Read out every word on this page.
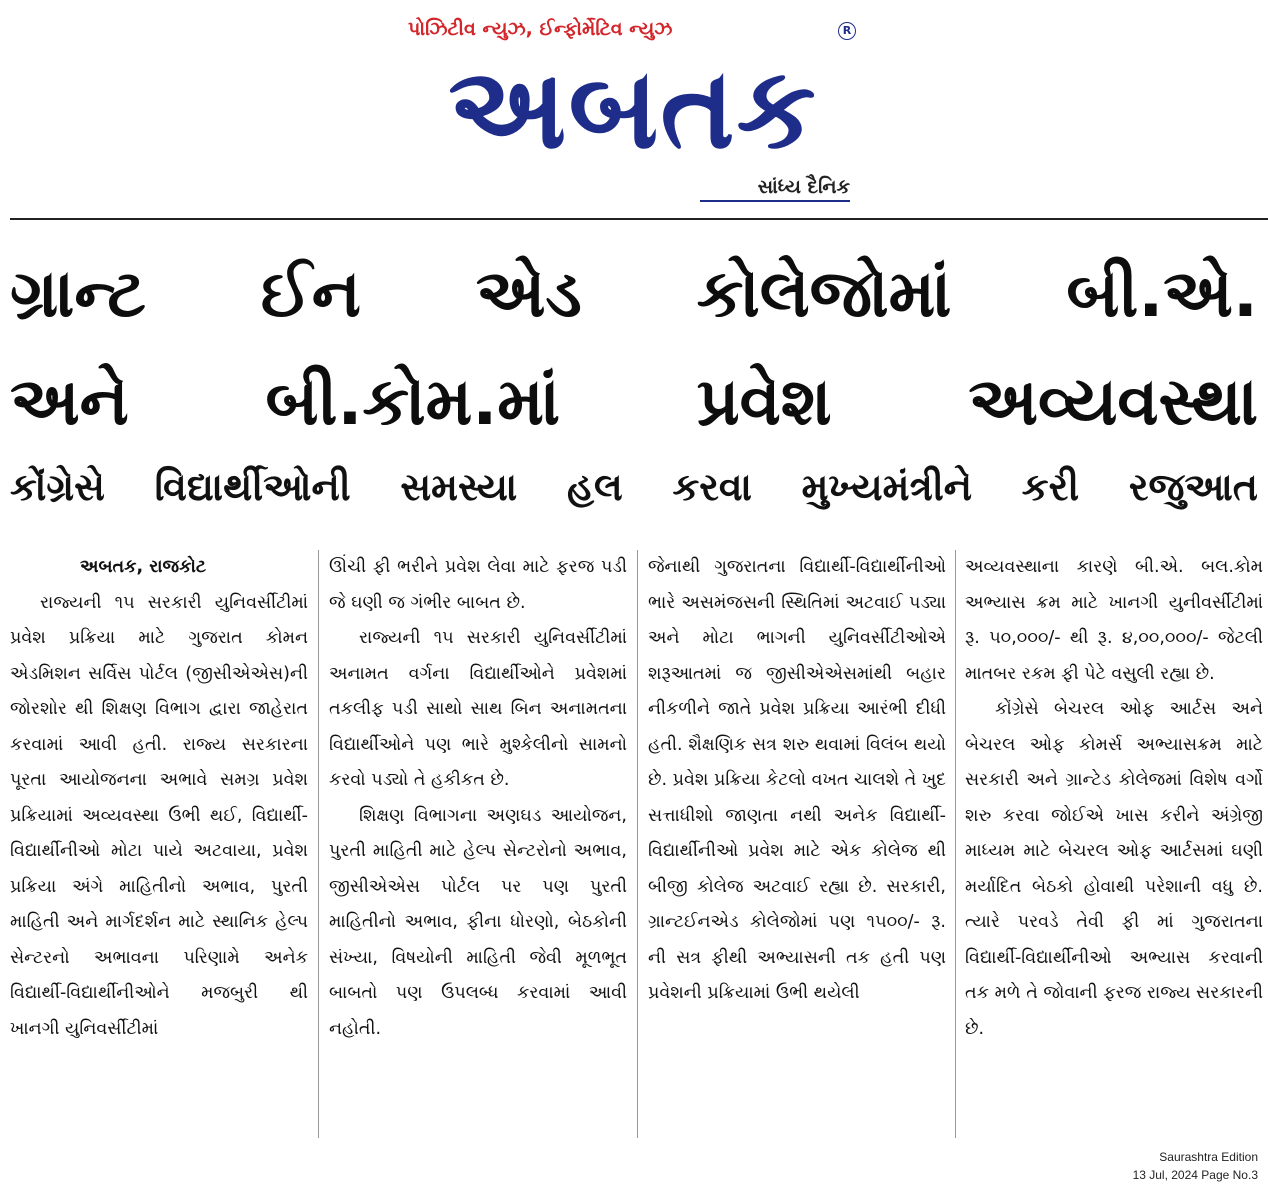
પોઝિટીવ ન્યુઝ, ઈન્ફોર્મેટિવ ન્યુઝ	R
અબતક
સાંધ્ય દૈનિક
ગ્રાન્ટ ઈન એડ કોલેજોમાં બી.એ.
અને બી.કોમ.માં પ્રવેશ અવ્યવસ્થા
કોંગ્રેસે વિદ્યાર્થીઓની સમસ્યા હલ કરવા મુખ્યમંત્રીને કરી રજુઆત

અબતક, રાજકોટ

રાજ્યની ૧૫ સરકારી યુનિવર્સીટીમાં પ્રવેશ પ્રક્રિયા માટે ગુજરાત કોમન એડમિશન સર્વિસ પોર્ટલ (જીસીએએસ)ની જોરશોર થી શિક્ષણ વિભાગ દ્વારા જાહેરાત કરવામાં આવી હતી. રાજ્ય સરકારના પૂરતા આયોજનના અભાવે સમગ્ર પ્રવેશ પ્રક્રિયામાં અવ્યવસ્થા ઉભી થઈ, વિદ્યાર્થી-વિદ્યાર્થીનીઓ મોટા પાયે અટવાયા, પ્રવેશ પ્રક્રિયા અંગે માહિતીનો અભાવ, પુરતી માહિતી અને માર્ગદર્શન માટે સ્થાનિક હેલ્પ સેન્ટરનો અભાવના પરિણામે અનેક વિદ્યાર્થી-વિદ્યાર્થીનીઓને મજબુરી થી ખાનગી યુનિવર્સીટીમાં

ઊંચી ફી ભરીને પ્રવેશ લેવા માટે ફરજ પડી જે ઘણી જ ગંભીર બાબત છે.

રાજ્યની ૧૫ સરકારી યુનિવર્સીટીમાં અનામત વર્ગના વિદ્યાર્થીઓને પ્રવેશમાં તકલીફ પડી સાથો સાથ બિન અનામતના વિદ્યાર્થીઓને પણ ભારે મુશ્કેલીનો સામનો કરવો પડ્યો તે હકીકત છે.

શિક્ષણ વિભાગના અણઘડ આયોજન, પુરતી માહિતી માટે હેલ્પ સેન્ટરોનો અભાવ, જીસીએએસ પોર્ટલ પર પણ પુરતી માહિતીનો અભાવ, ફીના ધોરણો, બેઠકોની સંખ્યા, વિષયોની માહિતી જેવી મૂળભૂત બાબતો પણ ઉપલબ્ધ કરવામાં આવી નહોતી.

જેનાથી ગુજરાતના વિદ્યાર્થી-વિદ્યાર્થીનીઓ ભારે અસમંજસની સ્થિતિમાં અટવાઈ પડ્યા અને મોટા ભાગની યુનિવર્સીટીઓએ શરૂઆતમાં જ જીસીએએસમાંથી બહાર નીકળીને જાતે પ્રવેશ પ્રક્રિયા આરંભી દીધી હતી. શૈક્ષણિક સત્ર શરુ થવામાં વિલંબ થયો છે. પ્રવેશ પ્રક્રિયા કેટલો વખત ચાલશે તે ખુદ સત્તાધીશો જાણતા નથી અનેક વિદ્યાર્થી-વિદ્યાર્થીનીઓ પ્રવેશ માટે એક કોલેજ થી બીજી કોલેજ અટવાઈ રહ્યા છે. સરકારી, ગ્રાન્ટઈનએડ કોલેજોમાં પણ ૧૫૦૦/- રૂ. ની સત્ર ફીથી અભ્યાસની તક હતી પણ પ્રવેશની પ્રક્રિયામાં ઉભી થયેલી

અવ્યવસ્થાના કારણે બી.એ. બલ.કોમ અભ્યાસ ક્રમ માટે ખાનગી યુનીવર્સીટીમાં રૂ. ૫૦,૦૦૦/- થી રૂ. ૪,૦૦,૦૦૦/- જેટલી માતબર રકમ ફી પેટે વસુલી રહ્યા છે.

કોંગ્રેસે બેચરલ ઓફ આર્ટસ અને બેચરલ ઓફ કોમર્સ અભ્યાસક્રમ માટે સરકારી અને ગ્રાન્ટેડ કોલેજમાં વિશેષ વર્ગો શરુ કરવા જોઈએ ખાસ કરીને અંગ્રેજી માધ્યમ માટે બેચરલ ઓફ આર્ટસમાં ઘણી મર્યાદિત બેઠકો હોવાથી પરેશાની વધુ છે. ત્યારે પરવડે તેવી ફી માં ગુજરાતના વિદ્યાર્થી-વિદ્યાર્થીનીઓ અભ્યાસ કરવાની તક મળે તે જોવાની ફરજ રાજ્ય સરકારની છે.

Saurashtra Edition
13 Jul, 2024 Page No.3
